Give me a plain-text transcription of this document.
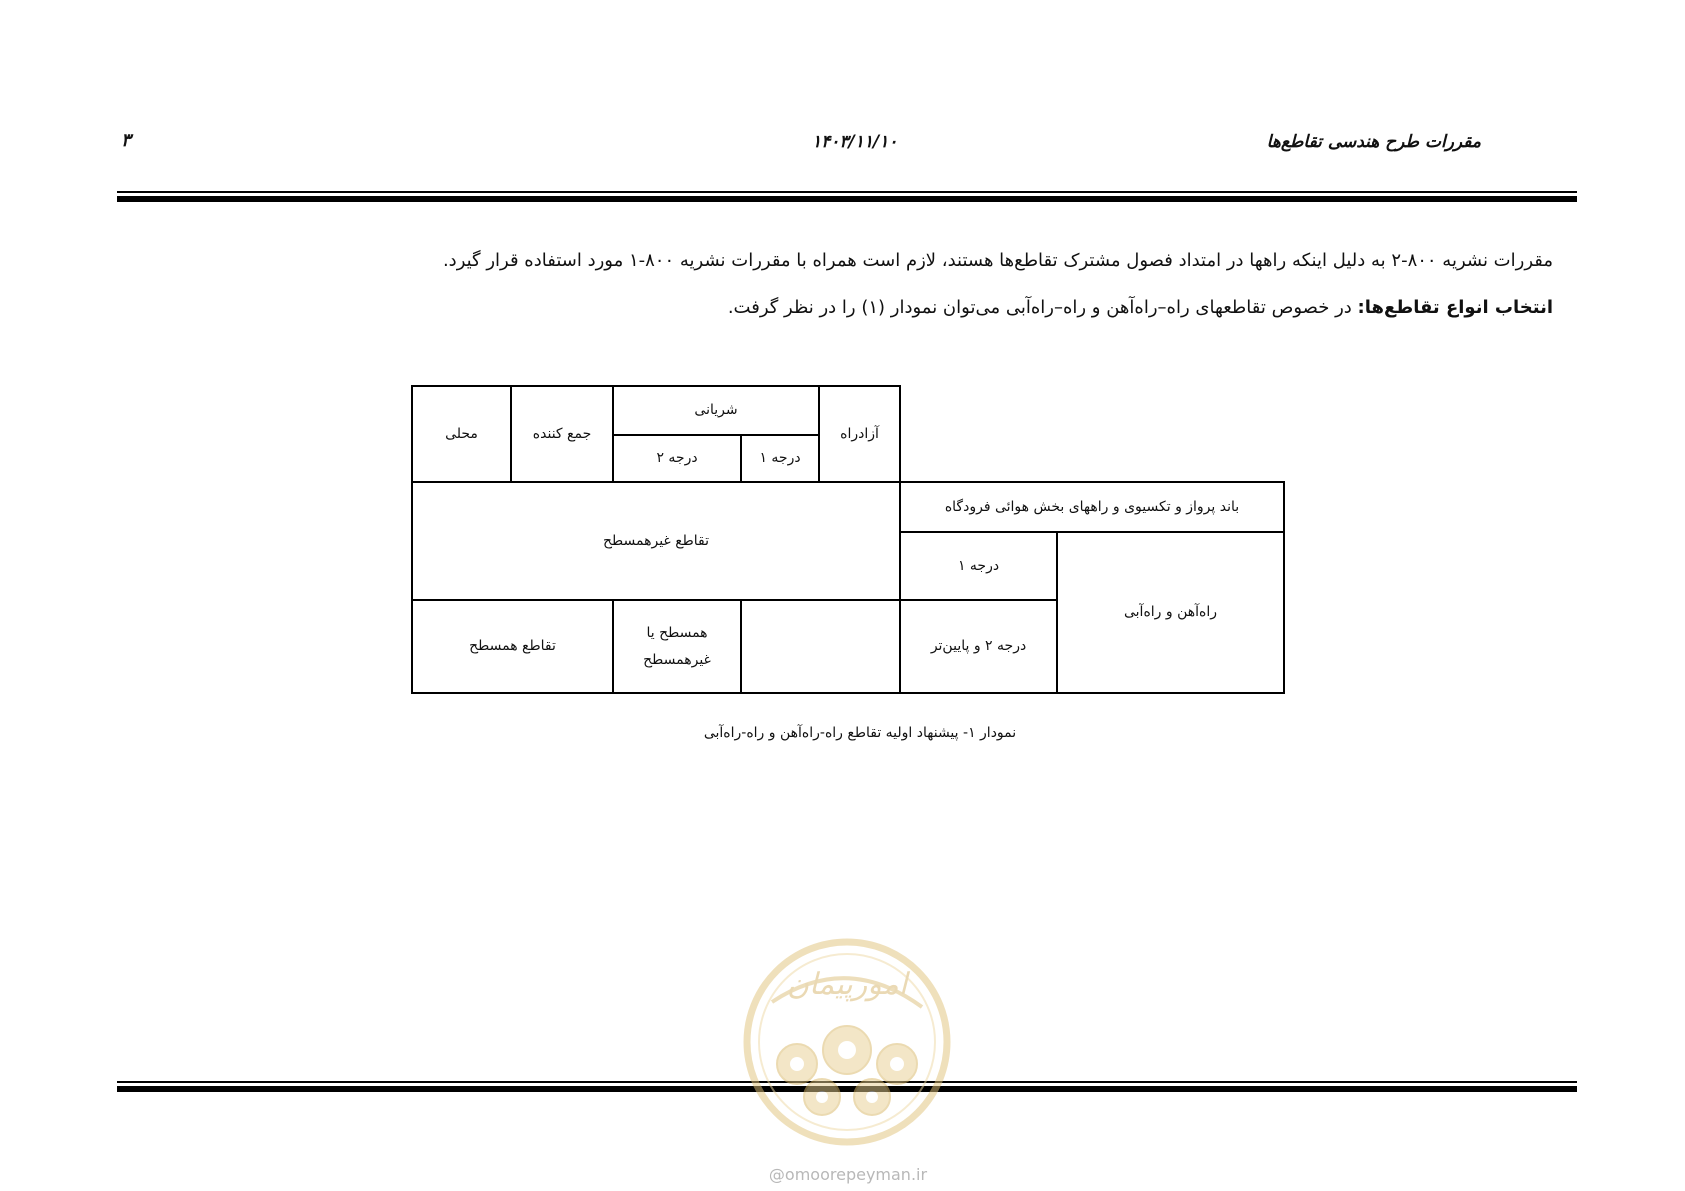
مقررات طرح هندسی تقاطع‌ها
۱۴۰۳/۱۱/۱۰
۳
مقررات نشریه ۸۰۰-۲ به دلیل اینکه راهها در امتداد فصول مشترک تقاطع‌ها هستند، لازم است همراه با مقررات نشریه ۸۰۰-۱ مورد استفاده قرار گیرد.
انتخاب انواع تقاطع‌ها: در خصوص تقاطعهای راه–راه‌آهن و راه–راه‌آبی می‌توان نمودار (۱) را در نظر گرفت.
محلی	جمع کننده
شریانی
درجه ۲	درجه ۱
آزادراه
تقاطع غیرهمسطح
تقاطع همسطح
همسطح یا
غیرهمسطح
باند پرواز و تکسیوی و راههای بخش هوائی فرودگاه
درجه ۱
درجه ۲ و پایین‌تر
راه‌آهن و راه‌آبی
نمودار ۱- پیشنهاد اولیه تقاطع راه-راه‌آهن و راه-راه‌آبی
امورپیمان
@omoorepeyman.ir
